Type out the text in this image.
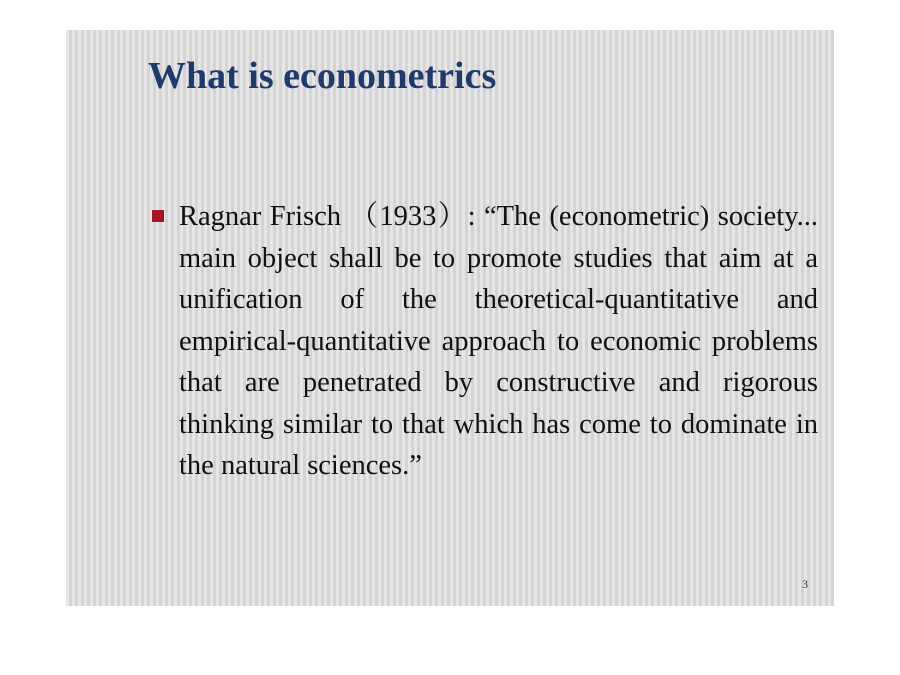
What is econometrics

Ragnar Frisch （1933）: “The (econometric) society... main object shall be to promote studies that aim at a unification of the theoretical-quantitative and empirical-quantitative approach to economic problems that are penetrated by constructive and rigorous thinking similar to that which has come to dominate in the natural sciences.”

3
